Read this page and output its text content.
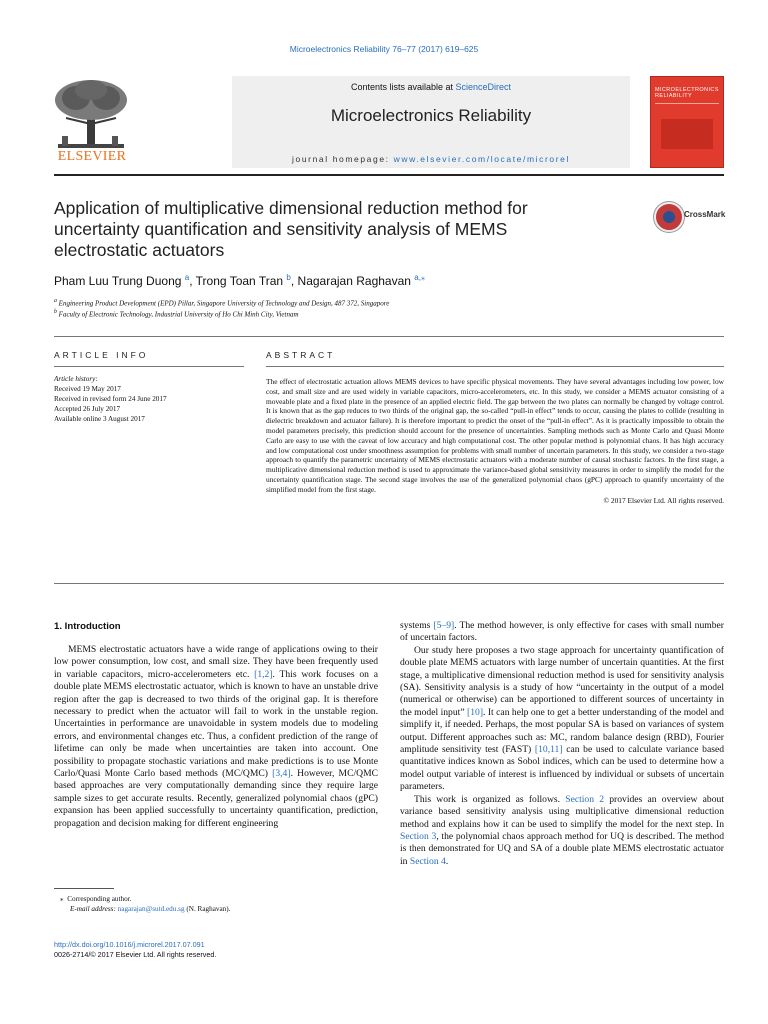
Microelectronics Reliability 76–77 (2017) 619–625
Contents lists available at ScienceDirect
Microelectronics Reliability
journal homepage: www.elsevier.com/locate/microrel
ELSEVIER
MICROELECTRONICS RELIABILITY
Application of multiplicative dimensional reduction method for uncertainty quantification and sensitivity analysis of MEMS electrostatic actuators
CrossMark
Pham Luu Trung Duong $^a$, Trong Toan Tran $^b$, Nagarajan Raghavan $^{a,⁎}$
$^a$ Engineering Product Development (EPD) Pillar, Singapore University of Technology and Design, 487 372, Singapore
$^b$ Faculty of Electronic Technology, Industrial University of Ho Chi Minh City, Vietnam
ARTICLE INFO
Article history:
Received 19 May 2017
Received in revised form 24 June 2017
Accepted 26 July 2017
Available online 3 August 2017
ABSTRACT
The effect of electrostatic actuation allows MEMS devices to have specific physical movements. They have several advantages including low power, low cost, and small size and are used widely in variable capacitors, micro-accelerometers, etc. In this study, we consider a MEMS actuator consisting of a moveable plate and a fixed plate in the presence of an applied electric field. The gap between the two plates can normally be changed by voltage control. It is known that as the gap reduces to two thirds of the original gap, the so-called “pull-in effect” tends to occur, causing the plates to collide (resulting in dielectric breakdown and actuator failure). It is therefore important to predict the onset of the “pull-in effect”. As it is practically impossible to obtain the model parameters precisely, this prediction should account for the presence of uncertainties. Sampling methods such as Monte Carlo and Quasi Monte Carlo are easy to use with the caveat of low accuracy and high computational cost. The other popular method is polynomial chaos. It has high accuracy and low computational cost under smoothness assumption for problems with small number of uncertain parameters. In this study, we consider a two-stage approach to quantify the parametric uncertainty of MEMS electrostatic actuators with a moderate number of causal stochastic factors. In the first stage, a multiplicative dimensional reduction method is used to approximate the variance-based global sensitivity measures in order to simplify the model for the uncertainty quantification stage. The second stage involves the use of the generalized polynomial chaos (gPC) approach to quantify uncertainty of the simplified model from the first stage.
© 2017 Elsevier Ltd. All rights reserved.
1. Introduction

MEMS electrostatic actuators have a wide range of applications owing to their low power consumption, low cost, and small size. They have been frequently used in variable capacitors, micro-accelerometers etc. [1,2]. This work focuses on a double plate MEMS electrostatic actuator, which is known to have an unstable drive region after the gap is decreased to two thirds of the original gap. It is therefore necessary to predict when the actuator will fail to work in the unstable region. Uncertainties in performance are unavoidable in system models due to modeling errors, and environmental changes etc. Thus, a confident prediction of the range of lifetime can only be made when uncertainties are taken into account. One possibility to propagate stochastic variations and make predictions is to use Monte Carlo/Quasi Monte Carlo based methods (MC/QMC) [3,4]. However, MC/QMC based approaches are very computationally demanding since they require large sample sizes to get accurate results. Recently, generalized polynomial chaos (gPC) expansion has been applied successfully to uncertainty quantification, prediction, propagation and decision making for different engineering

systems [5–9]. The method however, is only effective for cases with small number of uncertain factors.

Our study here proposes a two stage approach for uncertainty quantification of double plate MEMS actuators with large number of uncertain quantities. At the first stage, a multiplicative dimensional reduction method is used for sensitivity analysis (SA). Sensitivity analysis is a study of how “uncertainty in the output of a model (numerical or otherwise) can be apportioned to different sources of uncertainty in the model input” [10]. It can help one to get a better understanding of the model and simplify it, if needed. Perhaps, the most popular SA is based on variances of system output. Different approaches such as: MC, random balance design (RBD), Fourier amplitude sensitivity test (FAST) [10,11] can be used to calculate variance based quantitative indices known as Sobol indices, which can be used to determine how a model output variable of interest is influenced by individual or subsets of uncertain parameters.

This work is organized as follows. Section 2 provides an overview about variance based sensitivity analysis using multiplicative dimensional reduction method and explains how it can be used to simplify the model for the next step. In Section 3, the polynomial chaos approach method for UQ is described. The method is then demonstrated for UQ and SA of a double plate MEMS electrostatic actuator in Section 4.

⁎ Corresponding author.
E-mail address: nagarajan@sutd.edu.sg (N. Raghavan).
http://dx.doi.org/10.1016/j.microrel.2017.07.091
0026-2714/© 2017 Elsevier Ltd. All rights reserved.
